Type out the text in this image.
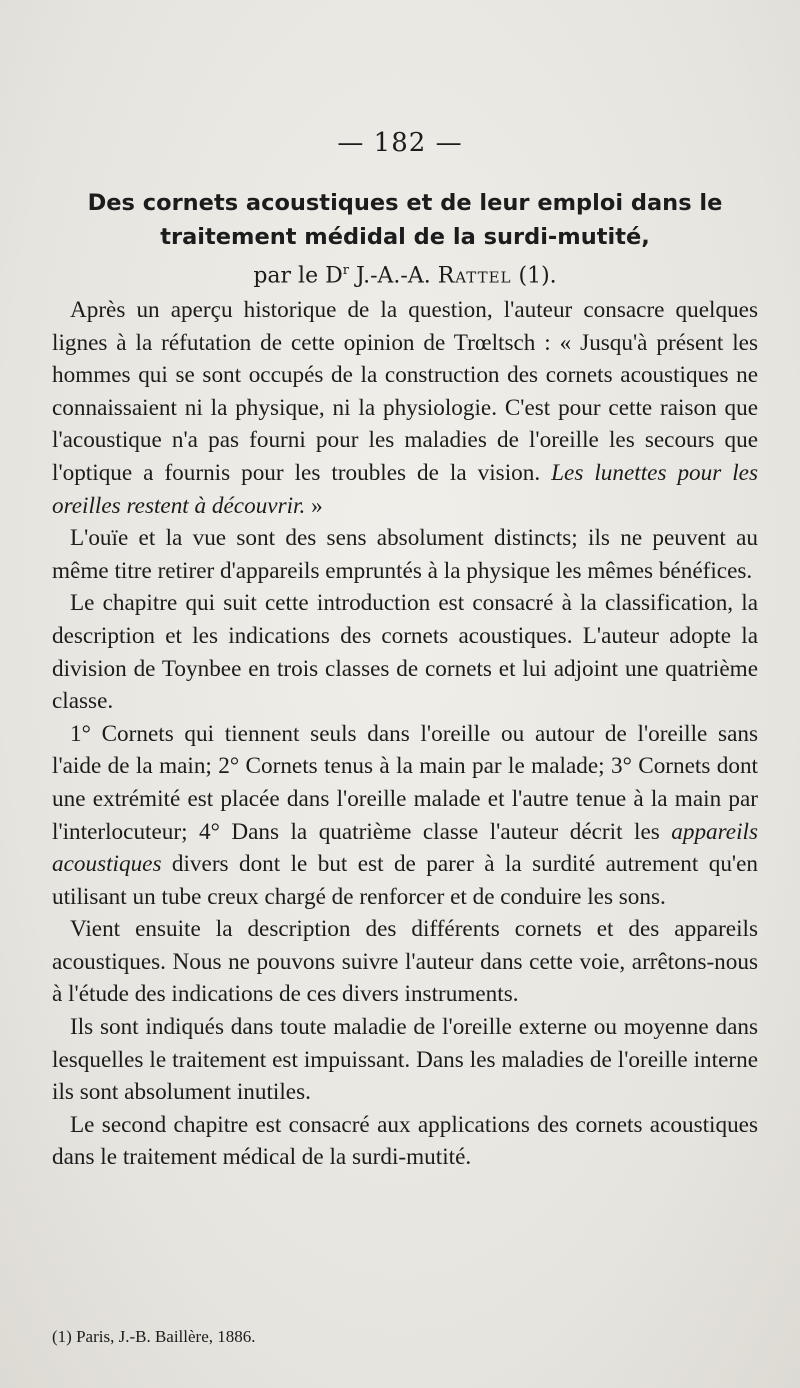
— 182 —
Des cornets acoustiques et de leur emploi dans le traitement médidal de la surdi-mutité,
par le $D^r$ J.-A.-A. Rattel (1).

Après un aperçu historique de la question, l'auteur consacre quelques lignes à la réfutation de cette opinion de Trœltsch : « Jusqu'à présent les hommes qui se sont occupés de la construction des cornets acoustiques ne connaissaient ni la physique, ni la physiologie. C'est pour cette raison que l'acoustique n'a pas fourni pour les maladies de l'oreille les secours que l'optique a fournis pour les troubles de la vision. Les lunettes pour les oreilles restent à découvrir. »

L'ouïe et la vue sont des sens absolument distincts; ils ne peuvent au même titre retirer d'appareils empruntés à la physique les mêmes bénéfices.

Le chapitre qui suit cette introduction est consacré à la classification, la description et les indications des cornets acoustiques. L'auteur adopte la division de Toynbee en trois classes de cornets et lui adjoint une quatrième classe.

1° Cornets qui tiennent seuls dans l'oreille ou autour de l'oreille sans l'aide de la main; 2° Cornets tenus à la main par le malade; 3° Cornets dont une extrémité est placée dans l'oreille malade et l'autre tenue à la main par l'interlocuteur; 4° Dans la quatrième classe l'auteur décrit les appareils acoustiques divers dont le but est de parer à la surdité autrement qu'en utilisant un tube creux chargé de renforcer et de conduire les sons.

Vient ensuite la description des différents cornets et des appareils acoustiques. Nous ne pouvons suivre l'auteur dans cette voie, arrêtons-nous à l'étude des indications de ces divers instruments.

Ils sont indiqués dans toute maladie de l'oreille externe ou moyenne dans lesquelles le traitement est impuissant. Dans les maladies de l'oreille interne ils sont absolument inutiles.

Le second chapitre est consacré aux applications des cornets acoustiques dans le traitement médical de la surdi-mutité.

(1) Paris, J.-B. Baillère, 1886.
